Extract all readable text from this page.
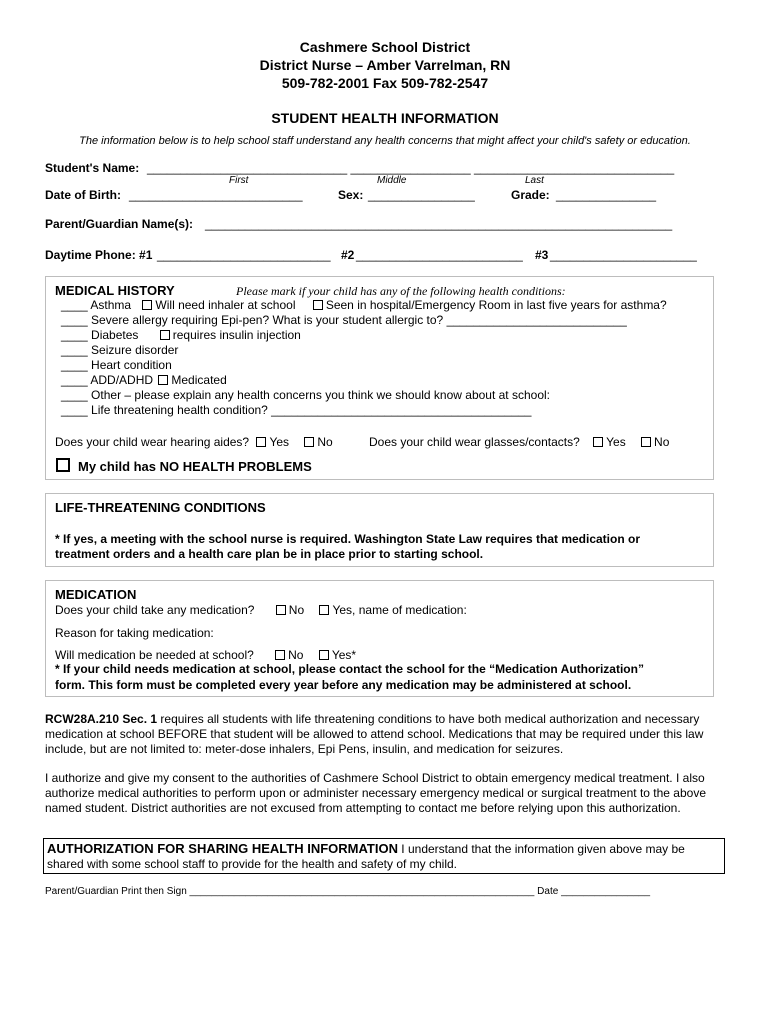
Cashmere School District
District Nurse – Amber Varrelman, RN
509-782-2001 Fax 509-782-2547
STUDENT HEALTH INFORMATION
The information below is to help school staff understand any health concerns that might affect your child's safety or education.
Student's Name: ______________________________ __________________ ______________________________
First	Middle	Last
Date of Birth: __________________________	Sex: ________________	Grade: _______________
Parent/Guardian Name(s): ______________________________________________________________________
Daytime Phone: #1 __________________________ #2 _________________________ #3 ______________________
MEDICAL HISTORY	Please mark if your child has any of the following health conditions:
____ Asthma Will need inhaler at school	Seen in hospital/Emergency Room in last five years for asthma?
____ Severe allergy requiring Epi-pen? What is your student allergic to? ___________________________
____ Diabetes	requires insulin injection
____ Seizure disorder
____ Heart condition
____ ADD/ADHD Medicated
____ Other – please explain any health concerns you think we should know about at school:
____ Life threatening health condition? _______________________________________
Does your child wear hearing aides? Yes No	Does your child wear glasses/contacts? Yes No
My child has NO HEALTH PROBLEMS
LIFE-THREATENING CONDITIONS
* If yes, a meeting with the school nurse is required. Washington State Law requires that medication or
treatment orders and a health care plan be in place prior to starting school.
MEDICATION
Does your child take any medication?	No Yes, name of medication:
Reason for taking medication:
Will medication be needed at school?	No Yes*
* If your child needs medication at school, please contact the school for the “Medication Authorization”
form. This form must be completed every year before any medication may be administered at school.
RCW28A.210 Sec. 1 requires all students with life threatening conditions to have both medical authorization and necessary medication at school BEFORE that student will be allowed to attend school. Medications that may be required under this law include, but are not limited to: meter-dose inhalers, Epi Pens, insulin, and medication for seizures.
I authorize and give my consent to the authorities of Cashmere School District to obtain emergency medical treatment. I also authorize medical authorities to perform upon or administer necessary emergency medical or surgical treatment to the above named student. District authorities are not excused from attempting to contact me before relying upon this authorization.
AUTHORIZATION FOR SHARING HEALTH INFORMATION I understand that the information given above may be shared with some school staff to provide for the health and safety of my child.
Parent/Guardian Print then Sign ______________________________________________________________ Date ________________
